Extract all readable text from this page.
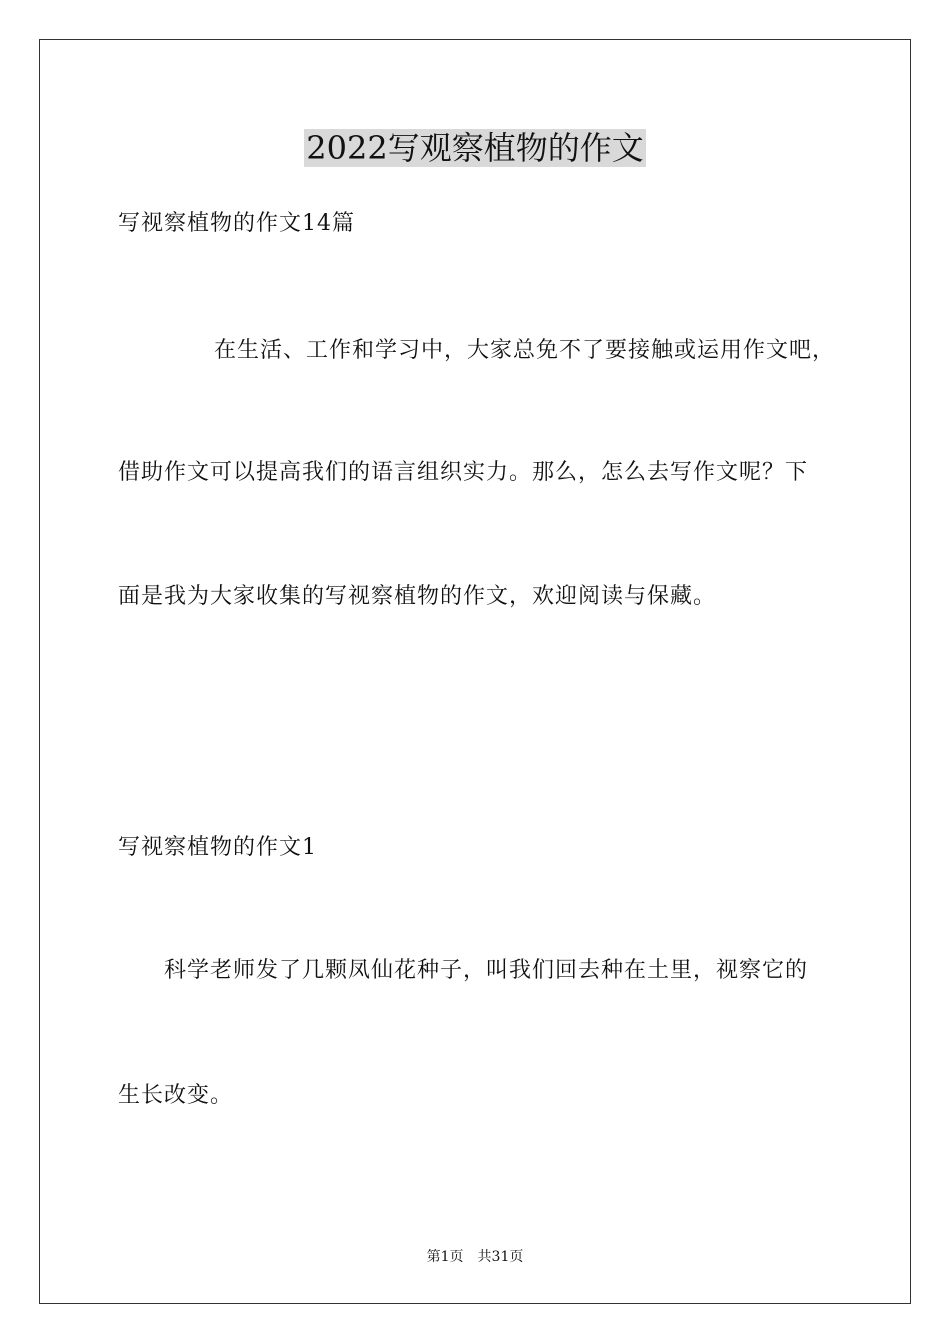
2022写观察植物的作文
写视察植物的作文14篇
在生活、工作和学习中，大家总免不了要接触或运用作文吧，
借助作文可以提高我们的语言组织实力。那么，怎么去写作文呢？下
面是我为大家收集的写视察植物的作文，欢迎阅读与保藏。
写视察植物的作文1
科学老师发了几颗凤仙花种子，叫我们回去种在土里，视察它的
生长改变。
第1页　共31页
